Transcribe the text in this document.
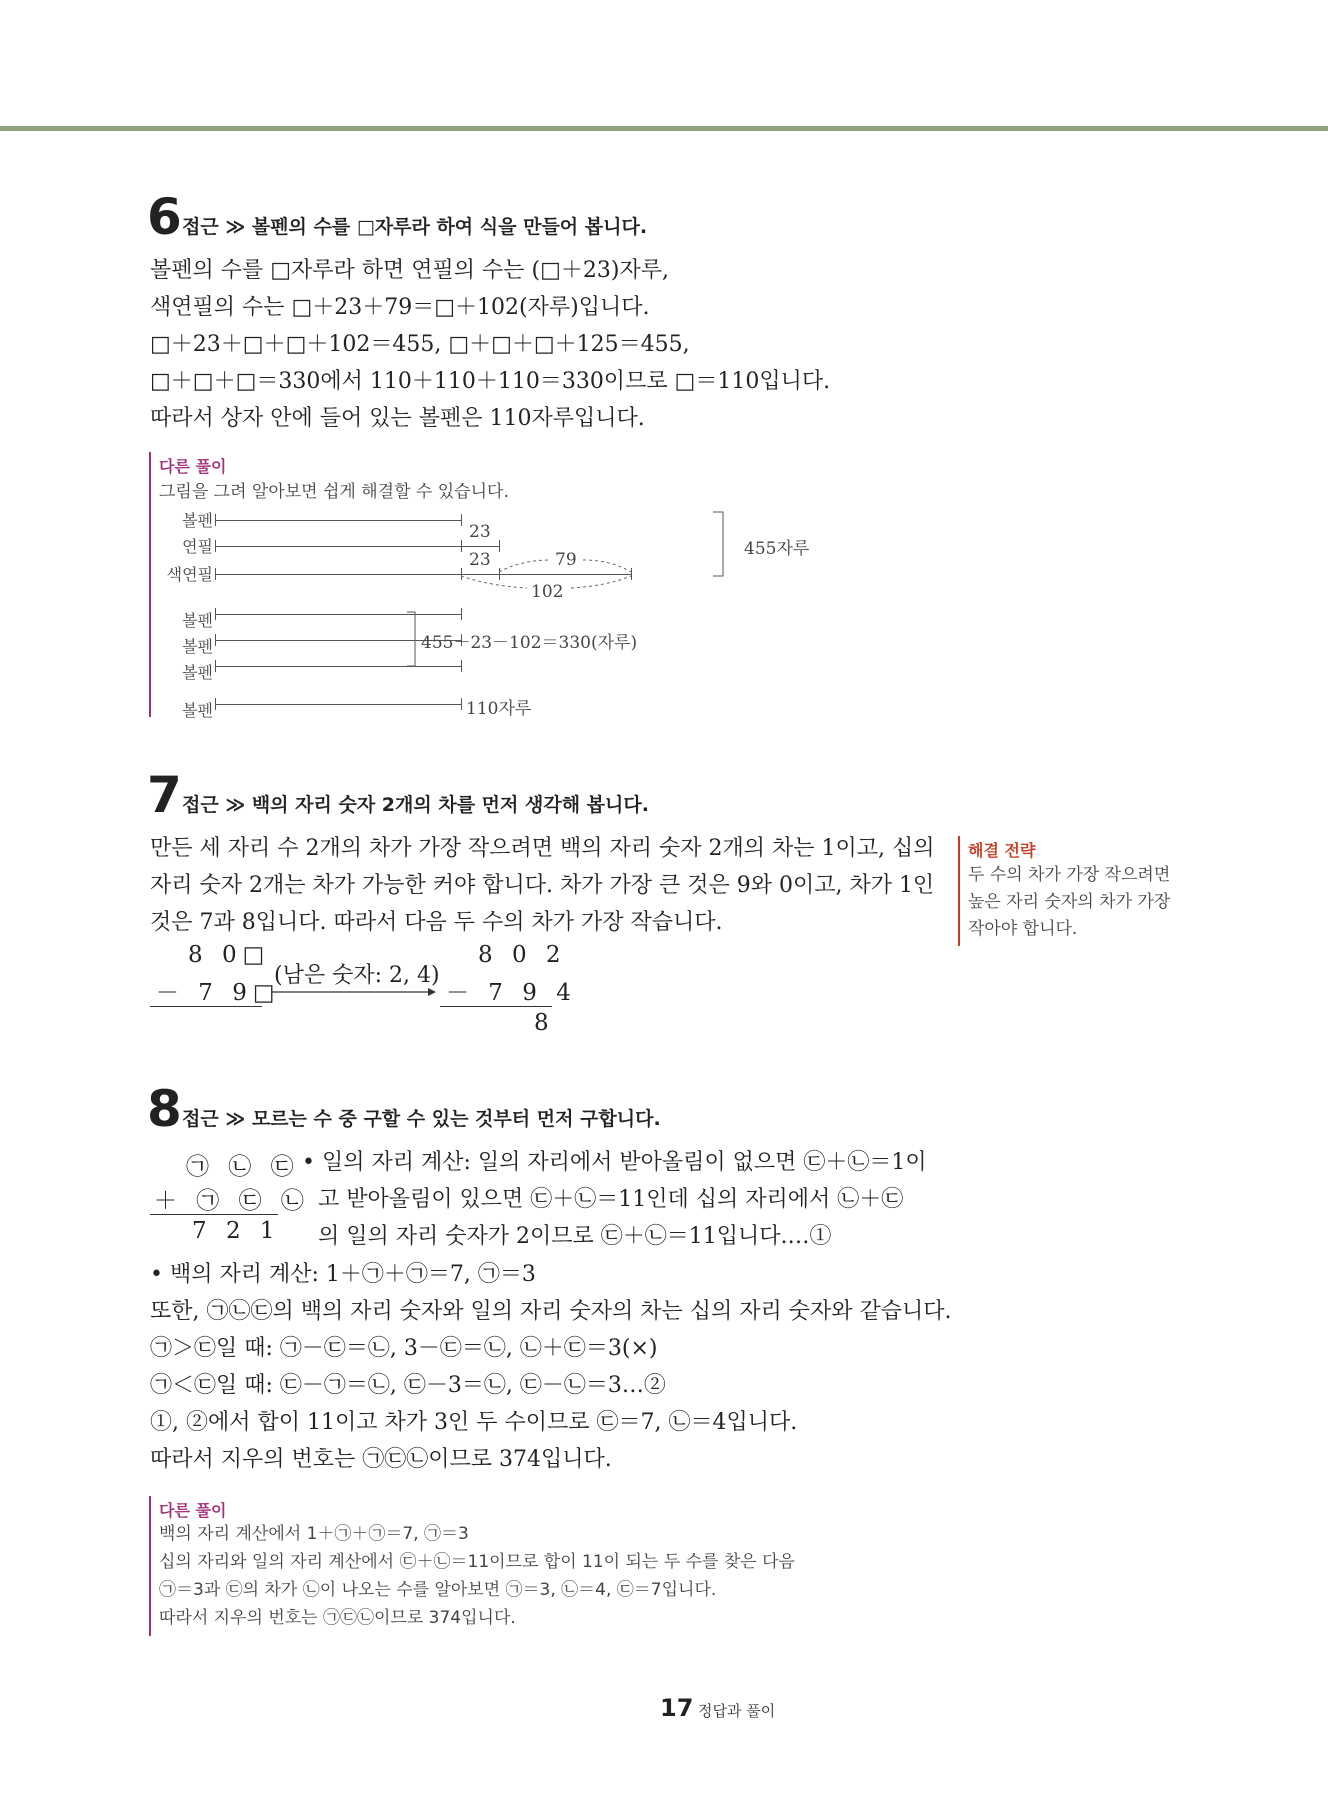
6 접근 ≫ 볼펜의 수를 □자루라 하여 식을 만들어 봅니다.
볼펜의 수를 □자루라 하면 연필의 수는 (□＋23)자루,
색연필의 수는 □＋23＋79＝□＋102(자루)입니다.
□＋23＋□＋□＋102＝455, □＋□＋□＋125＝455,
□＋□＋□＝330에서 110＋110＋110＝330이므로 □＝110입니다.
따라서 상자 안에 들어 있는 볼펜은 110자루입니다.
다른 풀이
그림을 그려 알아보면 쉽게 해결할 수 있습니다.
볼펜
연필
색연필
볼펜
볼펜
볼펜
볼펜
23
23	79
102
455자루
455－23－102＝330(자루)
110자루
7 접근 ≫ 백의 자리 숫자 2개의 차를 먼저 생각해 봅니다.
만든 세 자리 수 2개의 차가 가장 작으려면 백의 자리 숫자 2개의 차는 1이고, 십의
자리 숫자 2개는 차가 가능한 커야 합니다. 차가 가장 큰 것은 9와 0이고, 차가 1인
것은 7과 8입니다. 따라서 다음 두 수의 차가 가장 작습니다.
8 0□
－ 7 9□
(남은 숫자: 2, 4)
8 0 2
－ 7 9 4
8
해결 전략
두 수의 차가 가장 작으려면
높은 자리 숫자의 차가 가장
작아야 합니다.
8 접근 ≫ 모르는 수 중 구할 수 있는 것부터 먼저 구합니다.
㉠ ㉡ ㉢
＋ ㉠ ㉢ ㉡
7 2 1
• 일의 자리 계산: 일의 자리에서 받아올림이 없으면 ㉢＋㉡＝1이
고 받아올림이 있으면 ㉢＋㉡＝11인데 십의 자리에서 ㉡＋㉢
의 일의 자리 숫자가 2이므로 ㉢＋㉡＝11입니다.…①
• 백의 자리 계산: 1＋㉠＋㉠＝7, ㉠＝3
또한, ㉠㉡㉢의 백의 자리 숫자와 일의 자리 숫자의 차는 십의 자리 숫자와 같습니다.
㉠＞㉢일 때: ㉠－㉢＝㉡, 3－㉢＝㉡, ㉡＋㉢＝3(×)
㉠＜㉢일 때: ㉢－㉠＝㉡, ㉢－3＝㉡, ㉢－㉡＝3…②
①, ②에서 합이 11이고 차가 3인 두 수이므로 ㉢＝7, ㉡＝4입니다.
따라서 지우의 번호는 ㉠㉢㉡이므로 374입니다.
다른 풀이
백의 자리 계산에서 1＋㉠＋㉠＝7, ㉠＝3
십의 자리와 일의 자리 계산에서 ㉢＋㉡＝11이므로 합이 11이 되는 두 수를 찾은 다음
㉠＝3과 ㉢의 차가 ㉡이 나오는 수를 알아보면 ㉠＝3, ㉡＝4, ㉢＝7입니다.
따라서 지우의 번호는 ㉠㉢㉡이므로 374입니다.
17 정답과 풀이
